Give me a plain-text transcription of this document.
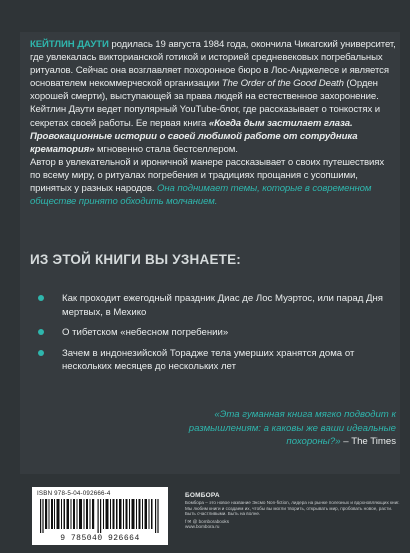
КЕЙТЛИН ДАУТИ родилась 19 августа 1984 года, окончила Чикагский университет, где увлекалась викторианской готикой и историей средневековых погребальных ритуалов. Сейчас она возглавляет похоронное бюро в Лос-Анджелесе и является основателем некоммерческой организации The Order of the Good Death (Орден хорошей смерти), выступающей за права людей на естественное захоронение. Кейтлин Даути ведет популярный YouTube-блог, где рассказывает о тонкостях и секретах своей работы. Ее первая книга «Когда дым застилает глаза. Провокационные истории о своей любимой работе от сотрудника крематория» мгновенно стала бестселлером.

Автор в увлекательной и ироничной манере рассказывает о своих путешествиях по всему миру, о ритуалах погребения и традициях прощания с усопшими, принятых у разных народов. Она поднимает темы, которые в современном обществе принято обходить молчанием.

ИЗ ЭТОЙ КНИГИ ВЫ УЗНАЕТЕ:
Как проходит ежегодный праздник Диас де Лос Муэртос, или парад Дня мертвых, в Мехико
О тибетском «небесном погребении»
Зачем в индонезийской Торадже тела умерших хранятся дома от нескольких месяцев до нескольких лет
«Эта гуманная книга мягко подводит к размышлениям: а каковы же ваши идеальные похороны?» – The Times
ISBN 978-5-04-092666-4
9 785040 926664
БОМБОРА
Бомбора – это новое название Эксмо Non-fiction, лидера на рынке полезных и вдохновляющих книг. Мы любим книги и создаем их, чтобы вы могли творить, открывать мир, пробовать новое, расти. Быть счастливыми. Быть на волне.
f ✉ @ bomborabooks
www.bombora.ru
